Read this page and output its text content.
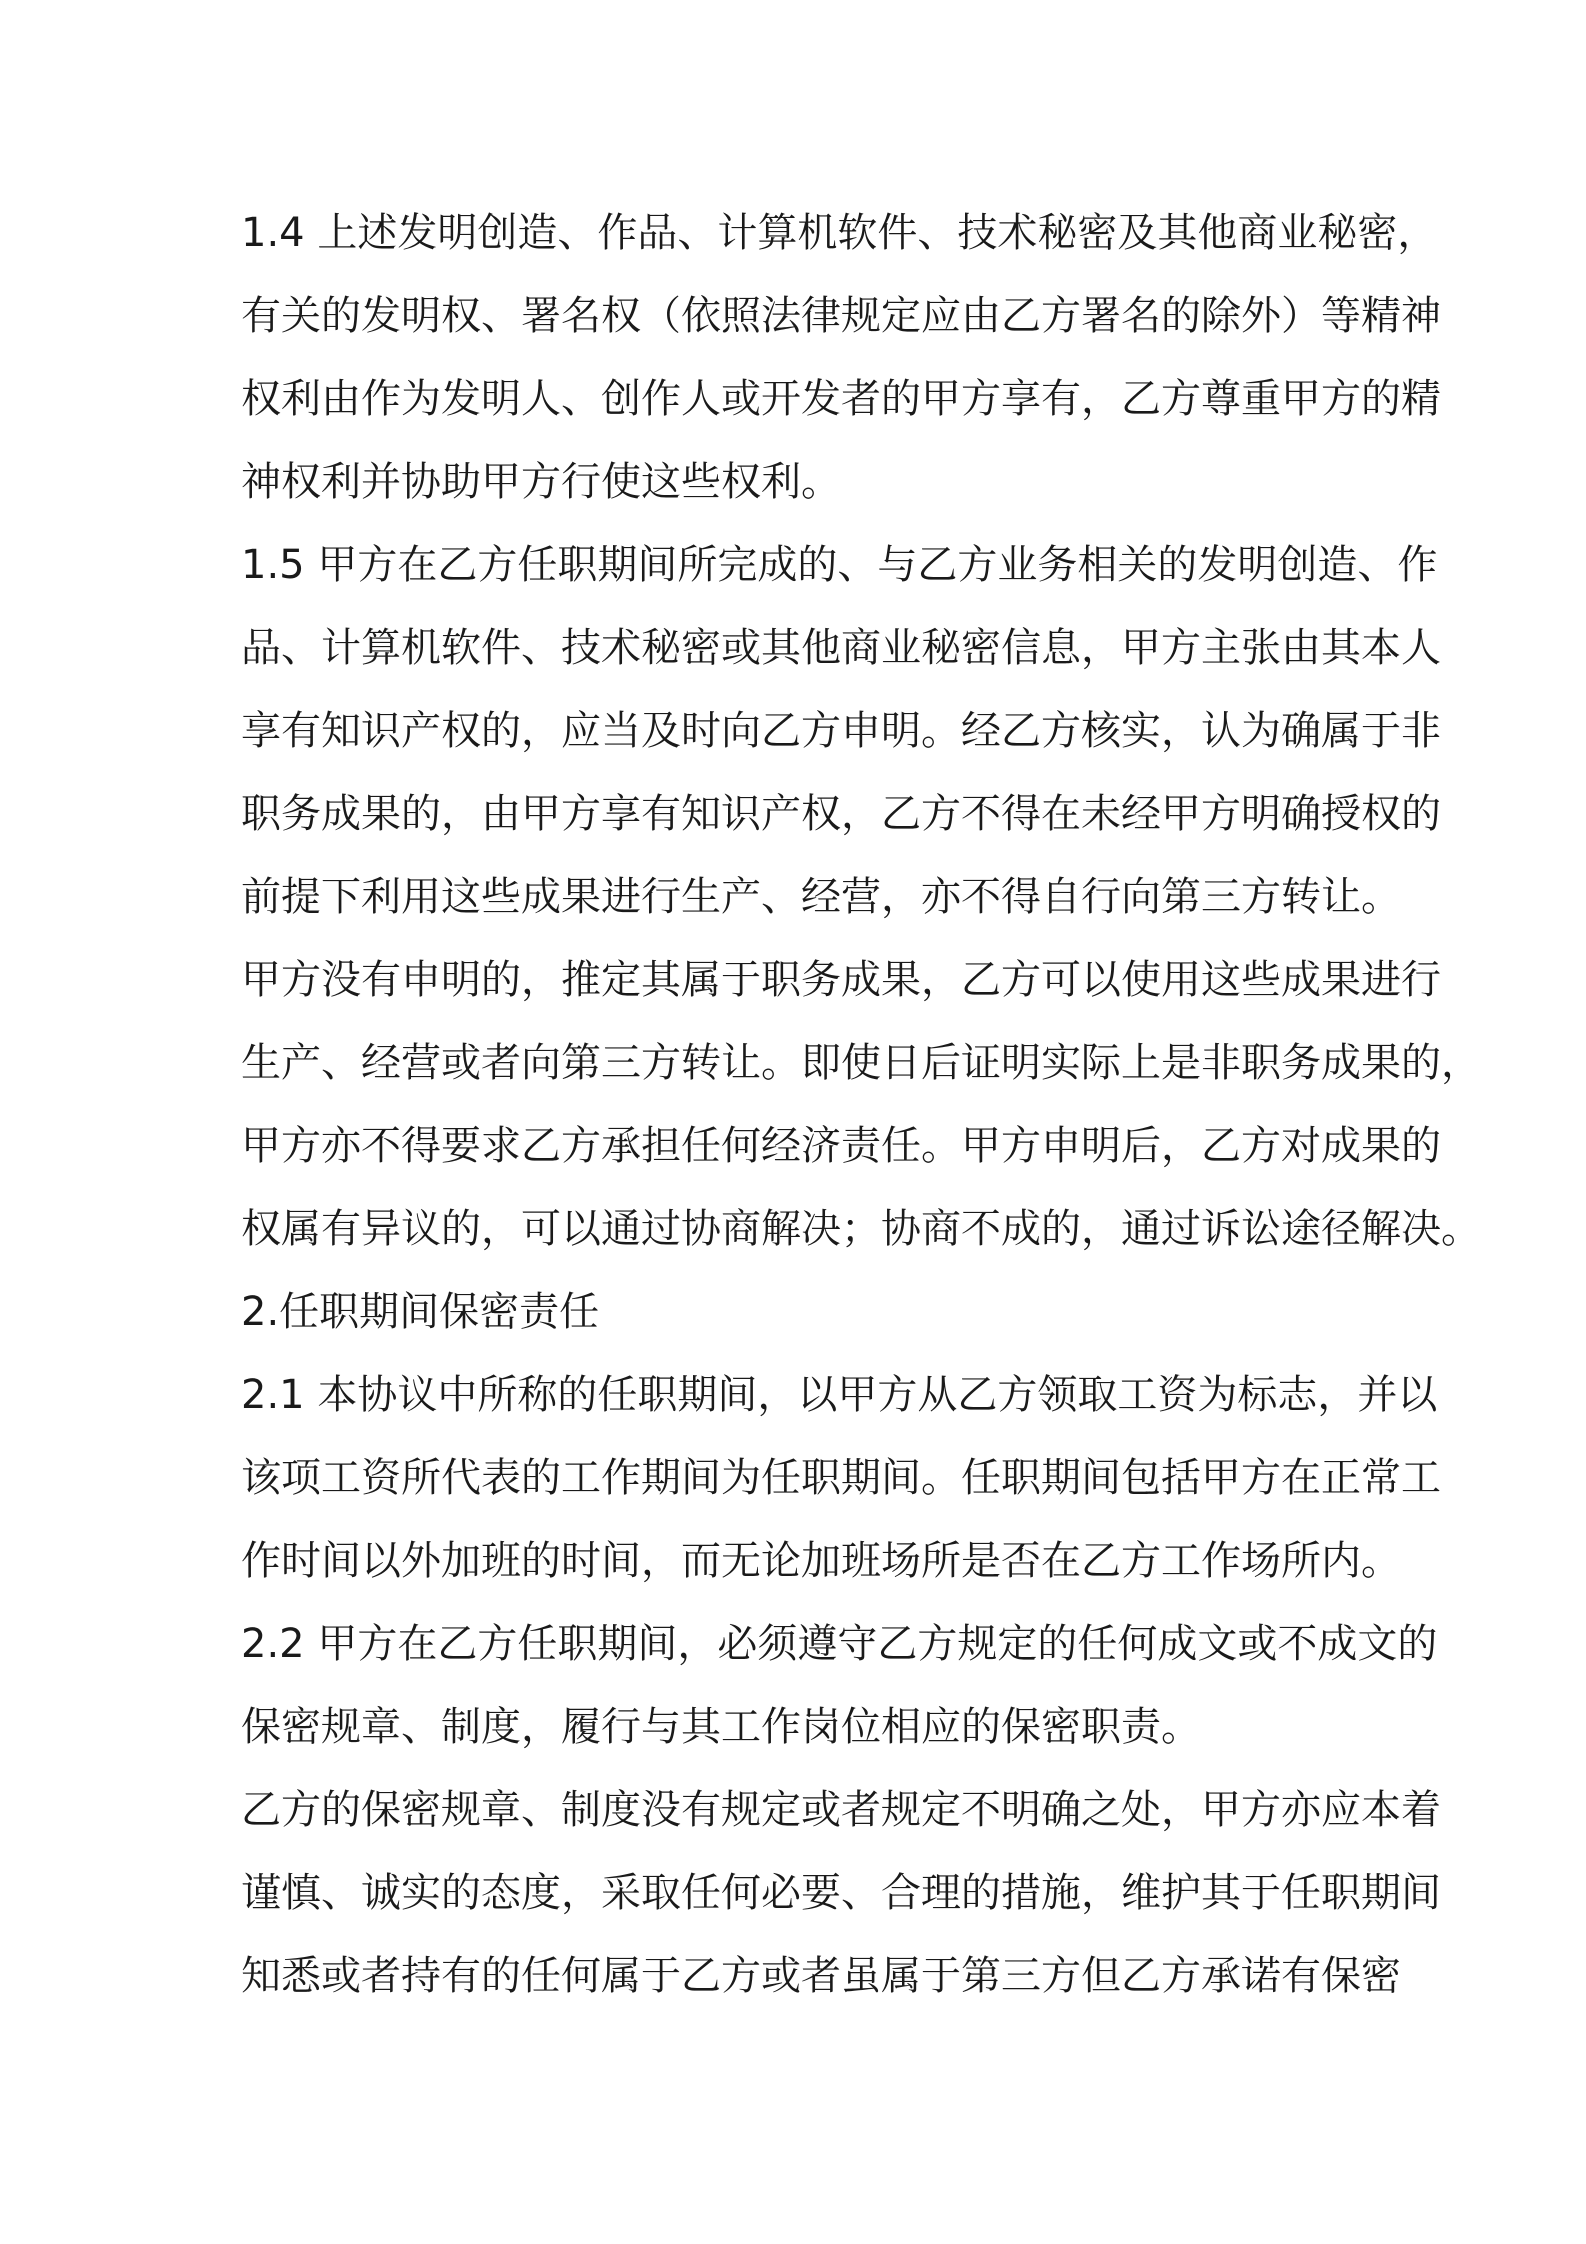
1.4 上述发明创造、作品、计算机软件、技术秘密及其他商业秘密，
有关的发明权、署名权（依照法律规定应由乙方署名的除外）等精神
权利由作为发明人、创作人或开发者的甲方享有，乙方尊重甲方的精
神权利并协助甲方行使这些权利。
1.5 甲方在乙方任职期间所完成的、与乙方业务相关的发明创造、作
品、计算机软件、技术秘密或其他商业秘密信息，甲方主张由其本人
享有知识产权的，应当及时向乙方申明。经乙方核实，认为确属于非
职务成果的，由甲方享有知识产权，乙方不得在未经甲方明确授权的
前提下利用这些成果进行生产、经营，亦不得自行向第三方转让。
甲方没有申明的，推定其属于职务成果，乙方可以使用这些成果进行
生产、经营或者向第三方转让。即使日后证明实际上是非职务成果的，
甲方亦不得要求乙方承担任何经济责任。甲方申明后，乙方对成果的
权属有异议的，可以通过协商解决；协商不成的，通过诉讼途径解决。
2.任职期间保密责任
2.1 本协议中所称的任职期间，以甲方从乙方领取工资为标志，并以
该项工资所代表的工作期间为任职期间。任职期间包括甲方在正常工
作时间以外加班的时间，而无论加班场所是否在乙方工作场所内。
2.2 甲方在乙方任职期间，必须遵守乙方规定的任何成文或不成文的
保密规章、制度，履行与其工作岗位相应的保密职责。
乙方的保密规章、制度没有规定或者规定不明确之处，甲方亦应本着
谨慎、诚实的态度，采取任何必要、合理的措施，维护其于任职期间
知悉或者持有的任何属于乙方或者虽属于第三方但乙方承诺有保密
